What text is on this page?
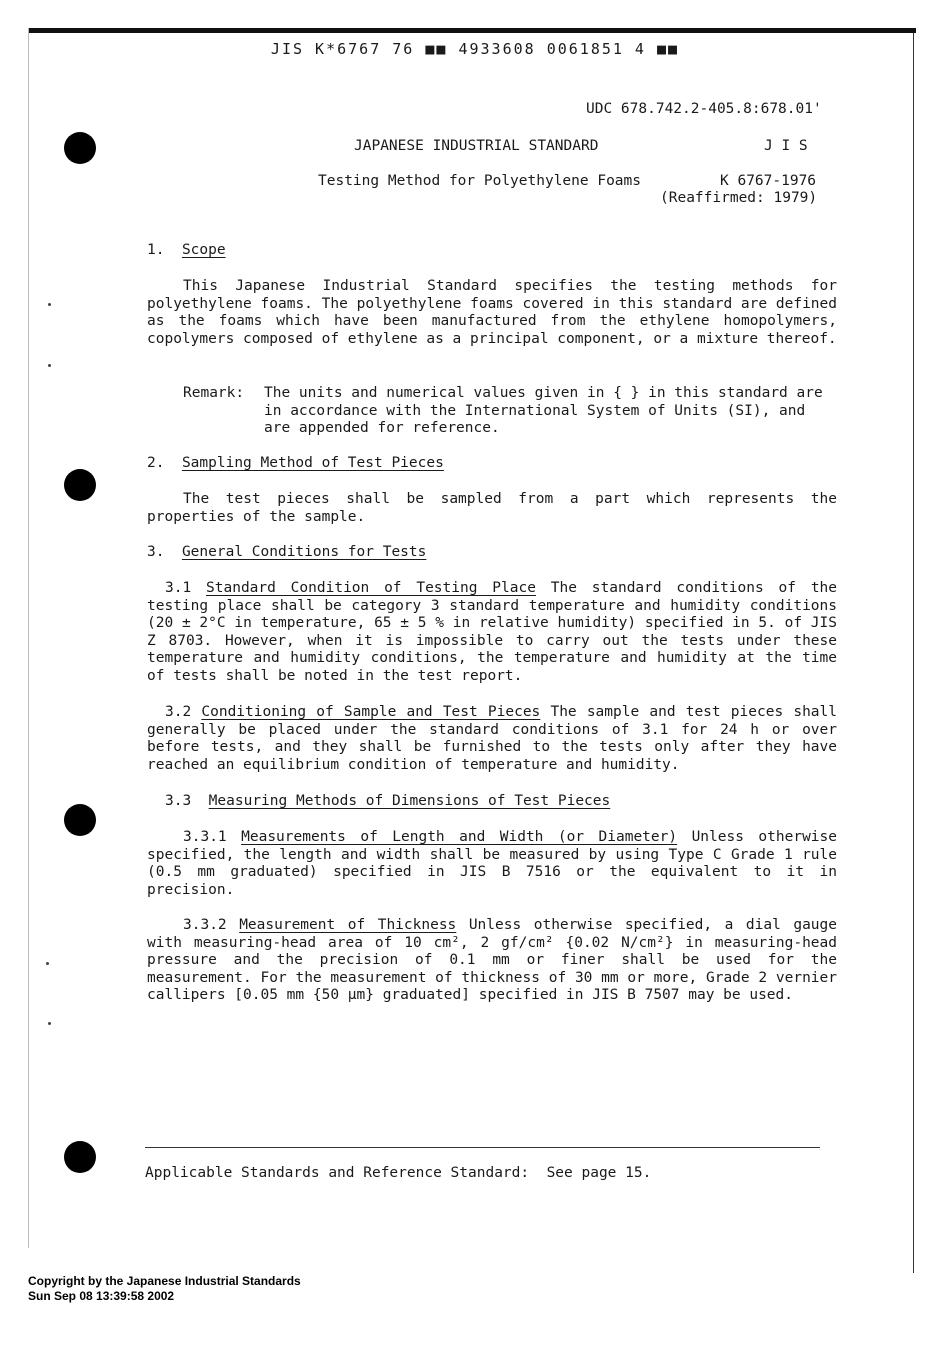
JIS K*6767 76 ■■ 4933608 0061851 4 ■■
UDC 678.742.2-405.8:678.01'
JAPANESE INDUSTRIAL STANDARD	J I S
Testing Method for Polyethylene Foams	K 6767-1976
(Reaffirmed: 1979)
1. Scope
This Japanese Industrial Standard specifies the testing methods for polyethylene foams. The polyethylene foams covered in this standard are defined as the foams which have been manufactured from the ethylene homopolymers, copolymers composed of ethylene as a principal component, or a mixture thereof.
Remark: The units and numerical values given in { } in this standard are in accordance with the International System of Units (SI), and are appended for reference.
2. Sampling Method of Test Pieces
The test pieces shall be sampled from a part which represents the properties of the sample.
3. General Conditions for Tests
3.1 Standard Condition of Testing Place The standard conditions of the testing place shall be category 3 standard temperature and humidity conditions (20 ± 2°C in temperature, 65 ± 5 % in relative humidity) specified in 5. of JIS Z 8703. However, when it is impossible to carry out the tests under these temperature and humidity conditions, the temperature and humidity at the time of tests shall be noted in the test report.
3.2 Conditioning of Sample and Test Pieces The sample and test pieces shall generally be placed under the standard conditions of 3.1 for 24 h or over before tests, and they shall be furnished to the tests only after they have reached an equilibrium condition of temperature and humidity.
3.3 Measuring Methods of Dimensions of Test Pieces
3.3.1 Measurements of Length and Width (or Diameter) Unless otherwise specified, the length and width shall be measured by using Type C Grade 1 rule (0.5 mm graduated) specified in JIS B 7516 or the equivalent to it in precision.
3.3.2 Measurement of Thickness Unless otherwise specified, a dial gauge with measuring-head area of 10 cm², 2 gf/cm² {0.02 N/cm²} in measuring-head pressure and the precision of 0.1 mm or finer shall be used for the measurement. For the measurement of thickness of 30 mm or more, Grade 2 vernier callipers [0.05 mm {50 μm} graduated] specified in JIS B 7507 may be used.
Applicable Standards and Reference Standard:  See page 15.
Copyright by the Japanese Industrial Standards
Sun Sep 08 13:39:58 2002
